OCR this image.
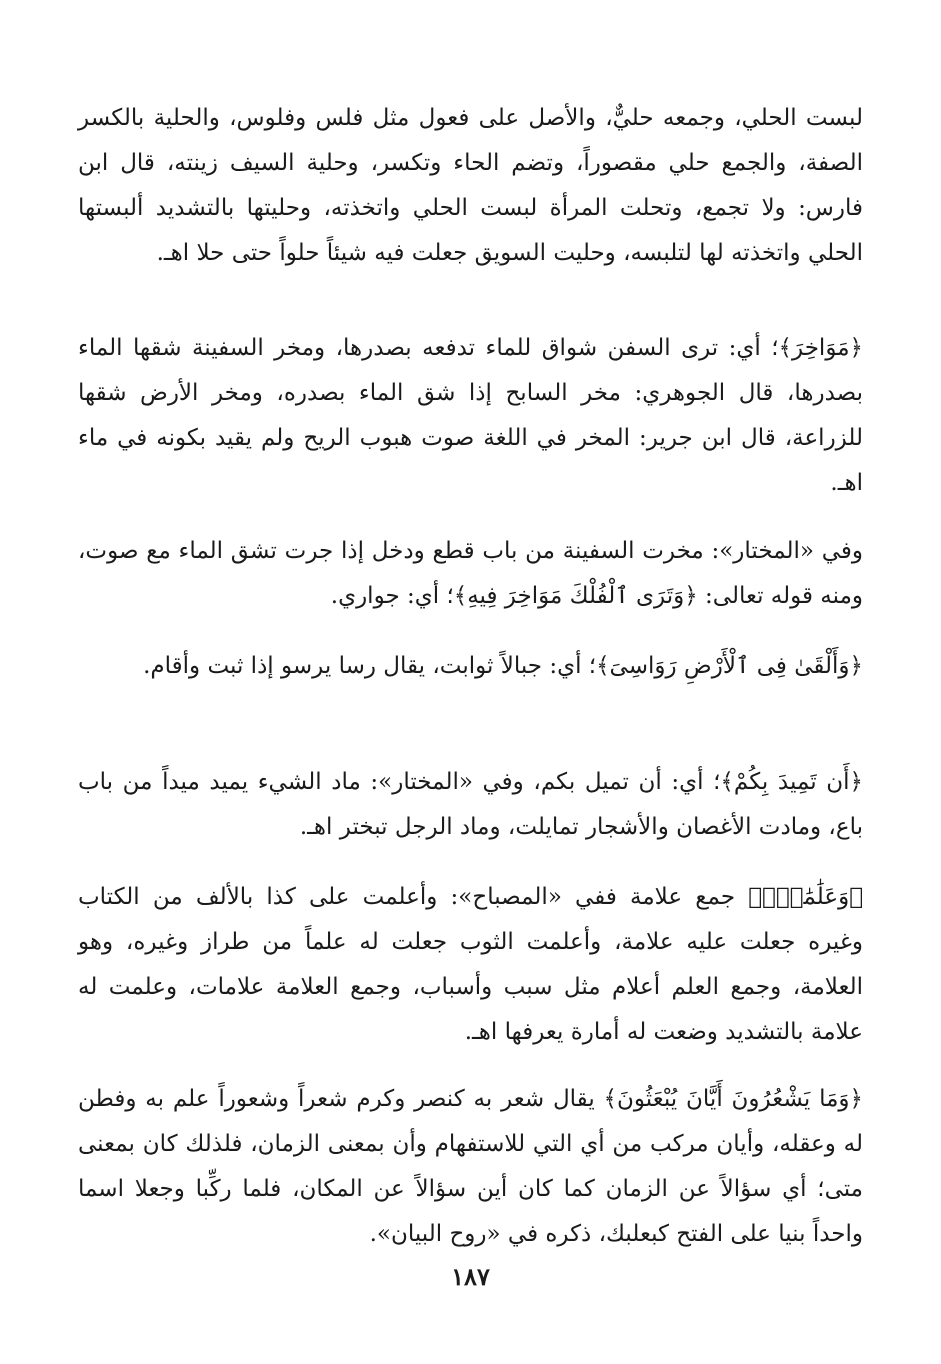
لبست الحلي، وجمعه حليٌّ، والأصل على فعول مثل فلس وفلوس، والحلية بالكسر الصفة، والجمع حلي مقصوراً، وتضم الحاء وتكسر، وحلية السيف زينته، قال ابن فارس: ولا تجمع، وتحلت المرأة لبست الحلي واتخذته، وحليتها بالتشديد ألبستها الحلي واتخذته لها لتلبسه، وحليت السويق جعلت فيه شيئاً حلواً حتى حلا اهـ.

﴿مَوَاخِرَ﴾؛ أي: ترى السفن شواق للماء تدفعه بصدرها، ومخر السفينة شقها الماء بصدرها، قال الجوهري: مخر السابح إذا شق الماء بصدره، ومخر الأرض شقها للزراعة، قال ابن جرير: المخر في اللغة صوت هبوب الريح ولم يقيد بكونه في ماء اهـ.

وفي «المختار»: مخرت السفينة من باب قطع ودخل إذا جرت تشق الماء مع صوت، ومنه قوله تعالى: ﴿وَتَرَى ٱلْفُلْكَ مَوَاخِرَ فِيهِ﴾؛ أي: جواري.

﴿وَأَلْقَىٰ فِى ٱلْأَرْضِ رَوَاسِىَ﴾؛ أي: جبالاً ثوابت، يقال رسا يرسو إذا ثبت وأقام.

﴿أَن تَمِيدَ بِكُمْ﴾؛ أي: أن تميل بكم، وفي «المختار»: ماد الشيء يميد ميداً من باب باع، ومادت الأغصان والأشجار تمايلت، وماد الرجل تبختر اهـ.

﴿وَعَلَٰمَٰتٍۚ﴾ جمع علامة ففي «المصباح»: وأعلمت على كذا بالألف من الكتاب وغيره جعلت عليه علامة، وأعلمت الثوب جعلت له علماً من طراز وغيره، وهو العلامة، وجمع العلم أعلام مثل سبب وأسباب، وجمع العلامة علامات، وعلمت له علامة بالتشديد وضعت له أمارة يعرفها اهـ.

﴿وَمَا يَشْعُرُونَ أَيَّانَ يُبْعَثُونَ﴾ يقال شعر به كنصر وكرم شعراً وشعوراً علم به وفطن له وعقله، وأيان مركب من أي التي للاستفهام وأن بمعنى الزمان، فلذلك كان بمعنى متى؛ أي سؤالاً عن الزمان كما كان أين سؤالاً عن المكان، فلما ركِّبا وجعلا اسما واحداً بنيا على الفتح كبعلبك، ذكره في «روح البيان».

١٨٧
